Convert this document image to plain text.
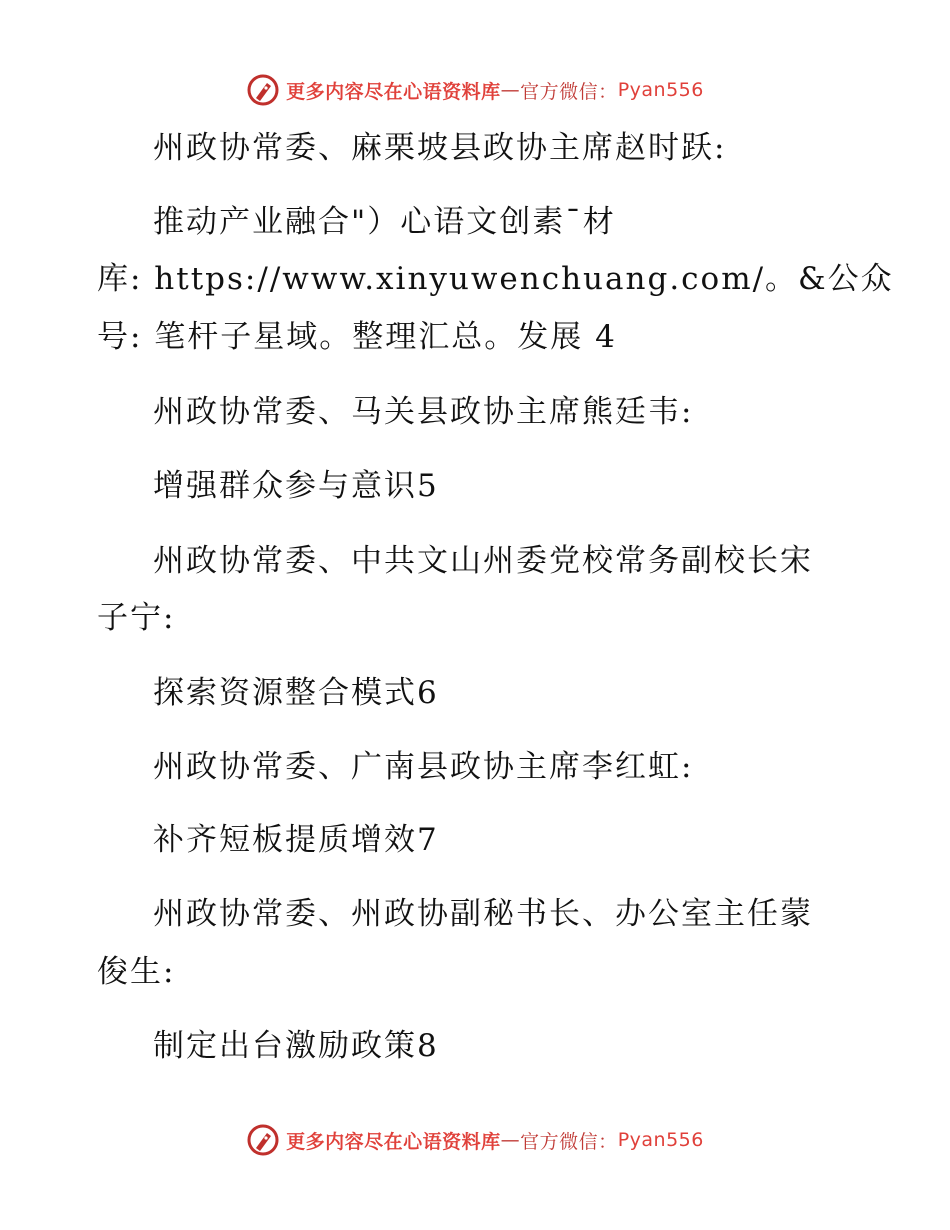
更多内容尽在心语资料库 — 官方微信： Pyan556

州政协常委、麻栗坡县政协主席赵时跃:

推动产业融合"）心语文创素¯材

库: https://www.xinyuwenchuang.com/。&公众

号: 笔杆子星域。整理汇总。发展 4

州政协常委、马关县政协主席熊廷韦:

增强群众参与意识5

州政协常委、中共文山州委党校常务副校长宋

子宁:

探索资源整合模式6

州政协常委、广南县政协主席李红虹:

补齐短板提质增效7

州政协常委、州政协副秘书长、办公室主任蒙

俊生:

制定出台激励政策8

更多内容尽在心语资料库 — 官方微信： Pyan556
